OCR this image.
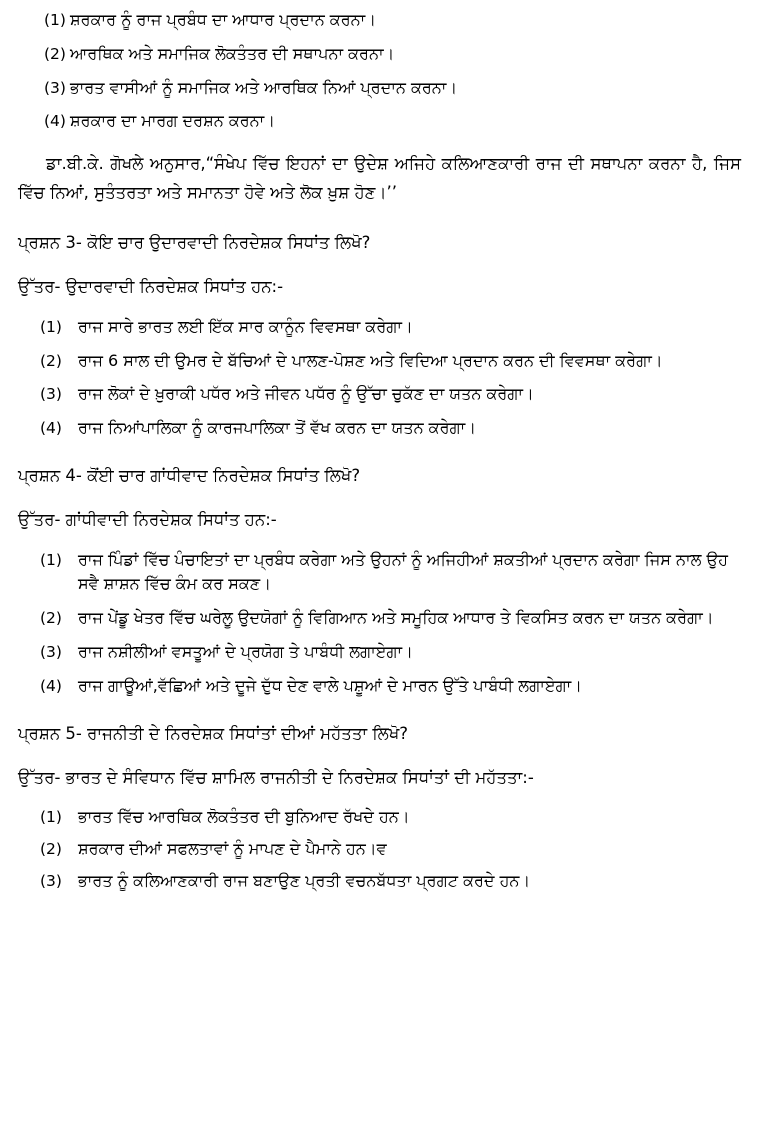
(1) ਸ਼ਰਕਾਰ ਨੂੰ ਰਾਜ ਪ੍ਰਬੰਧ ਦਾ ਆਧਾਰ ਪ੍ਰਦਾਨ ਕਰਨਾ।
(2) ਆਰਥਿਕ ਅਤੇ ਸਮਾਜਿਕ ਲੋਕਤੰਤਰ ਦੀ ਸਥਾਪਨਾ ਕਰਨਾ।
(3) ਭਾਰਤ ਵਾਸੀਆਂ ਨੂੰ ਸਮਾਜਿਕ ਅਤੇ ਆਰਥਿਕ ਨਿਆਂ ਪ੍ਰਦਾਨ ਕਰਨਾ।
(4) ਸ਼ਰਕਾਰ ਦਾ ਮਾਰਗ ਦਰਸ਼ਨ ਕਰਨਾ।

ਡਾ.ਬੀ.ਕੇ. ਗੋਖਲੇ ਅਨੁਸਾਰ,“ਸੰਖੇਪ ਵਿੱਚ ਇਹਨਾਂ ਦਾ ਉਦੇਸ਼ ਅਜਿਹੇ ਕਲਿਆਣਕਾਰੀ ਰਾਜ ਦੀ ਸਥਾਪਨਾ ਕਰਨਾ ਹੈ, ਜਿਸ ਵਿੱਚ ਨਿਆਂ, ਸੁਤੰਤਰਤਾ ਅਤੇ ਸਮਾਨਤਾ ਹੋਵੇ ਅਤੇ ਲੋਕ ਖ਼ੁਸ਼ ਹੋਣ।’’

ਪ੍ਰਸ਼ਨ 3- ਕੋਇ ਚਾਰ ਉਦਾਰਵਾਦੀ ਨਿਰਦੇਸ਼ਕ ਸਿਧਾਂਤ ਲਿਖੋ?

ਉੱਤਰ- ਉਦਾਰਵਾਦੀ ਨਿਰਦੇਸ਼ਕ ਸਿਧਾਂਤ ਹਨ:-

(1)	ਰਾਜ ਸਾਰੇ ਭਾਰਤ ਲਈ ਇੱਕ ਸਾਰ ਕਾਨੂੰਨ ਵਿਵਸਥਾ ਕਰੇਗਾ।
(2)	ਰਾਜ 6 ਸਾਲ ਦੀ ਉਮਰ ਦੇ ਬੱਚਿਆਂ ਦੇ ਪਾਲਣ-ਪੋਸ਼ਣ ਅਤੇ ਵਿਦਿਆ ਪ੍ਰਦਾਨ ਕਰਨ ਦੀ ਵਿਵਸਥਾ ਕਰੇਗਾ।
(3)	ਰਾਜ ਲੋਕਾਂ ਦੇ ਖ਼ੁਰਾਕੀ ਪਧੱਰ ਅਤੇ ਜੀਵਨ ਪਧੱਰ ਨੂੰ ਉੱਚਾ ਚੁਕੱਣ ਦਾ ਯਤਨ ਕਰੇਗਾ।
(4)	ਰਾਜ ਨਿਆਂਪਾਲਿਕਾ ਨੂੰ ਕਾਰਜਪਾਲਿਕਾ ਤੋਂ ਵੱਖ ਕਰਨ ਦਾ ਯਤਨ ਕਰੇਗਾ।

ਪ੍ਰਸ਼ਨ 4- ਕੋਂਈ ਚਾਰ ਗਾਂਧੀਵਾਦ ਨਿਰਦੇਸ਼ਕ ਸਿਧਾਂਤ ਲਿਖੋ?

ਉੱਤਰ- ਗਾਂਧੀਵਾਦੀ ਨਿਰਦੇਸ਼ਕ ਸਿਧਾਂਤ ਹਨ:-

(1)	ਰਾਜ ਪਿੰਡਾਂ ਵਿੱਚ ਪੰਚਾਇਤਾਂ ਦਾ ਪ੍ਰਬੰਧ ਕਰੇਗਾ ਅਤੇ ਉਹਨਾਂ ਨੂੰ ਅਜਿਹੀਆਂ ਸ਼ਕਤੀਆਂ ਪ੍ਰਦਾਨ ਕਰੇਗਾ ਜਿਸ ਨਾਲ ਉਹ ਸਵੈ ਸ਼ਾਸ਼ਨ ਵਿੱਚ ਕੰਮ ਕਰ ਸਕਣ।
(2)	ਰਾਜ ਪੇਂਡੂ ਖੇਤਰ ਵਿੱਚ ਘਰੇਲੂ ਉਦਯੋਗਾਂ ਨੂੰ ਵਿਗਿਆਨ ਅਤੇ ਸਮੂਹਿਕ ਆਧਾਰ ਤੇ ਵਿਕਸਿਤ ਕਰਨ ਦਾ ਯਤਨ ਕਰੇਗਾ।
(3)	ਰਾਜ ਨਸ਼ੀਲੀਆਂ ਵਸਤੂਆਂ ਦੇ ਪ੍ਰਯੋਗ ਤੇ ਪਾਬੰਧੀ ਲਗਾਏਗਾ।
(4)	ਰਾਜ ਗਾਊਆਂ,ਵੱਛਿਆਂ ਅਤੇ ਦੂਜੇ ਦੁੱਧ ਦੇਣ ਵਾਲੇ ਪਸ਼ੂਆਂ ਦੇ ਮਾਰਨ ਉੱਤੇ ਪਾਬੰਧੀ ਲਗਾਏਗਾ।

ਪ੍ਰਸ਼ਨ 5- ਰਾਜਨੀਤੀ ਦੇ ਨਿਰਦੇਸ਼ਕ ਸਿਧਾਂਤਾਂ ਦੀਆਂ ਮਹੱਤਤਾ ਲਿਖੋ?

ਉੱਤਰ- ਭਾਰਤ ਦੇ ਸੰਵਿਧਾਨ ਵਿੱਚ ਸ਼ਾਮਿਲ ਰਾਜਨੀਤੀ ਦੇ ਨਿਰਦੇਸ਼ਕ ਸਿਧਾਂਤਾਂ ਦੀ ਮਹੱਤਤਾ:-

(1)	ਭਾਰਤ ਵਿੱਚ ਆਰਥਿਕ ਲੋਕਤੰਤਰ ਦੀ ਬੁਨਿਆਦ ਰੱਖਦੇ ਹਨ।
(2)	ਸ਼ਰਕਾਰ ਦੀਆਂ ਸਫਲਤਾਵਾਂ ਨੂੰ ਮਾਪਣ ਦੇ ਪੈਮਾਨੇ ਹਨ।ਵ
(3)	ਭਾਰਤ ਨੂੰ ਕਲਿਆਣਕਾਰੀ ਰਾਜ ਬਣਾਉਣ ਪ੍ਰਤੀ ਵਚਨਬੱਧਤਾ ਪ੍ਰਗਟ ਕਰਦੇ ਹਨ।
